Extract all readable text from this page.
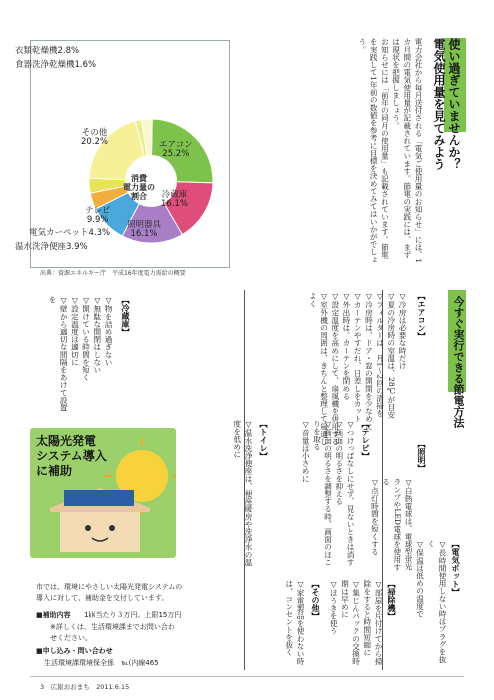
消費
電力量の
割合
エアコン
25.2%
冷蔵庫
16.1%
照明器具
16.1%
テレビ
9.9%
電気カーペット4.3%
温水洗浄便座3.9%
その他
20.2%
食器洗浄乾燥機1.6%
衣類乾燥機2.8%
出典：資源エネルギー庁　平成16年度電力需給の概要
使い過ぎていませんか？
電気使用量を見てみよう
電力会社から毎月送付される「電気ご使用量のお知らせ」には、1カ月間の電気使用量が記載されています。節電の実践には、まずは現状を把握しましょう。
お知らせには「前年の同月の使用量」も記載されています。節電を実践して1年前の数値を参考に目標を決めてみてはいかがでしょう。
今すぐ実行できる節電方法
【エアコン】
▽冷房は必要な時だけ
▽夏の冷房時の室温は、28℃が目安
▽フィルターは、月1〜2回の清掃を
▽冷房時は、ドア・窓の開閉を少なめに
▽カーテンやすだれ、日差しをカット
▽外出時は、カーテンを閉める
▽設定温度を高めにして、扇風機を併用する
▽室外機の周囲は、きちんと整理して風通しよく
【冷蔵庫】
▽物を詰め過ぎない
▽無駄な開閉はしない
▽開けている時間を短く
▽設定温度は適切に
▽壁から適切な間隔をあけて設置を
【照明】
▽白熱電球は、電球型蛍光ランプやLED電球を使用する
▽点灯時間を短くする
【テレビ】
▽つけっぱなしにせず、見ないときは消す
▽画面の明るさを抑える
▽画面の明るさを調整する時、画面のほこりを取る
▽音量は小さめに
【トイレ】
▽温水洗浄便座は、便座暖房や洗浄水の温度を低めに
【電気ポット】
▽長時間使用しない時はプラグを抜く
▽保温は低めの温度で
【掃除機】
▽部屋を片付けてから掃除をすると時間短縮に
▽集じんパックの交換時期は早めに
▽ほうきを使う
【その他】
▽家電製品を使わない時は、コンセントを抜く
太陽光発電
システム導入
に補助
市では、環境にやさしい太陽光発電システムの導入に対して、補助金を交付しています。
■補助内容 1㎾当たり３万円、上限15万円
※詳しくは、生活環境課までお問い合わせください。
■申し込み・問い合わせ
生活環境課環境保全係　℡(内線465
3　広報おおまち　2011.6.15
